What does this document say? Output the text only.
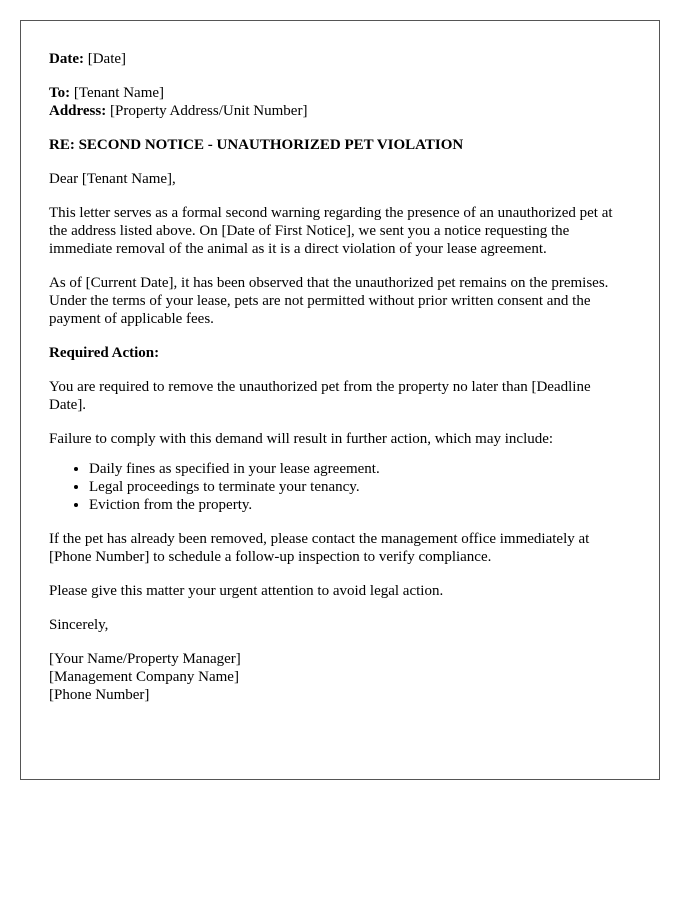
Date: [Date]
To: [Tenant Name]
Address: [Property Address/Unit Number]
RE: SECOND NOTICE - UNAUTHORIZED PET VIOLATION
Dear [Tenant Name],
This letter serves as a formal second warning regarding the presence of an unauthorized pet at the address listed above. On [Date of First Notice], we sent you a notice requesting the immediate removal of the animal as it is a direct violation of your lease agreement.
As of [Current Date], it has been observed that the unauthorized pet remains on the premises. Under the terms of your lease, pets are not permitted without prior written consent and the payment of applicable fees.
Required Action:
You are required to remove the unauthorized pet from the property no later than [Deadline Date].
Failure to comply with this demand will result in further action, which may include:
• Daily fines as specified in your lease agreement.
• Legal proceedings to terminate your tenancy.
• Eviction from the property.
If the pet has already been removed, please contact the management office immediately at [Phone Number] to schedule a follow-up inspection to verify compliance.
Please give this matter your urgent attention to avoid legal action.
Sincerely,
[Your Name/Property Manager]
[Management Company Name]
[Phone Number]
